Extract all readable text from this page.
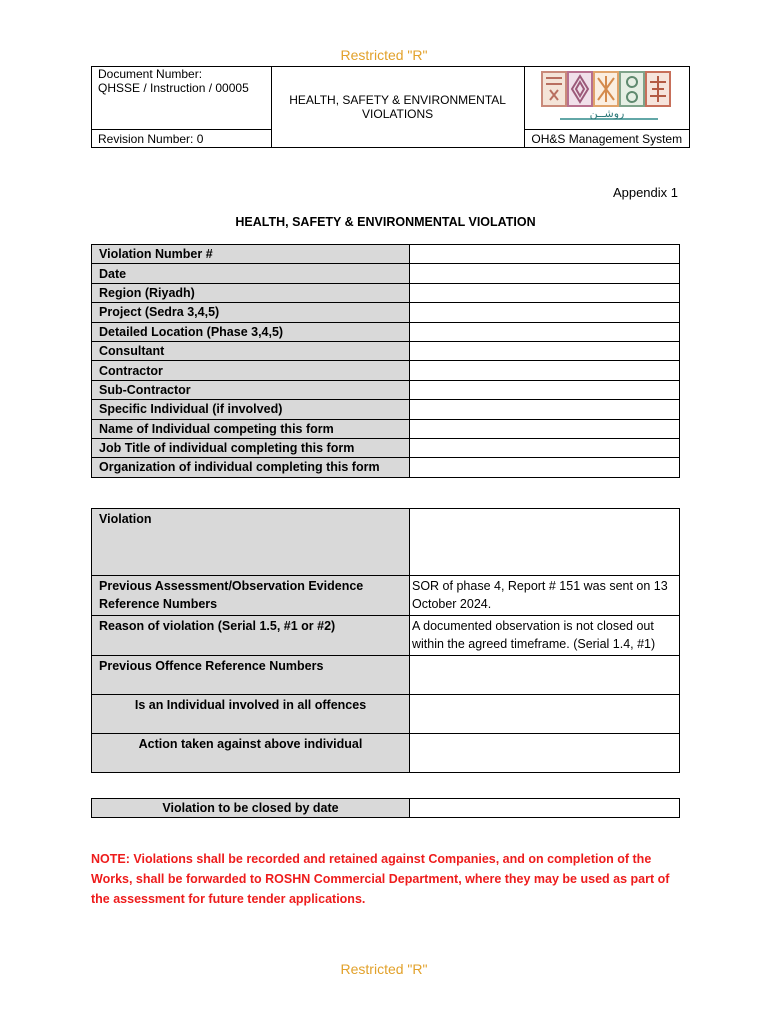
Restricted "R"
Document Number:
QHSSE / Instruction / 00005	HEALTH, SAFETY & ENVIRONMENTAL VIOLATIONS	روشــن

Revision Number: 0		OH&S Management System
Appendix 1
HEALTH, SAFETY & ENVIRONMENTAL VIOLATION
Violation Number #	
Date	
Region (Riyadh)	
Project (Sedra 3,4,5)	
Detailed Location (Phase 3,4,5)	
Consultant	
Contractor	
Sub-Contractor	
Specific Individual (if involved)	
Name of Individual competing this form	
Job Title of individual completing this form	
Organization of individual completing this form	
Violation	
Previous Assessment/Observation Evidence Reference Numbers	SOR of phase 4, Report # 151 was sent on 13 October 2024.
Reason of violation (Serial 1.5, #1 or #2)	A documented observation is not closed out within the agreed timeframe. (Serial 1.4, #1)
Previous Offence Reference Numbers	
Is an Individual involved in all offences	
Action taken against above individual	
Violation to be closed by date	
NOTE: Violations shall be recorded and retained against Companies, and on completion of the Works, shall be forwarded to ROSHN Commercial Department, where they may be used as part of the assessment for future tender applications.
Restricted "R"
